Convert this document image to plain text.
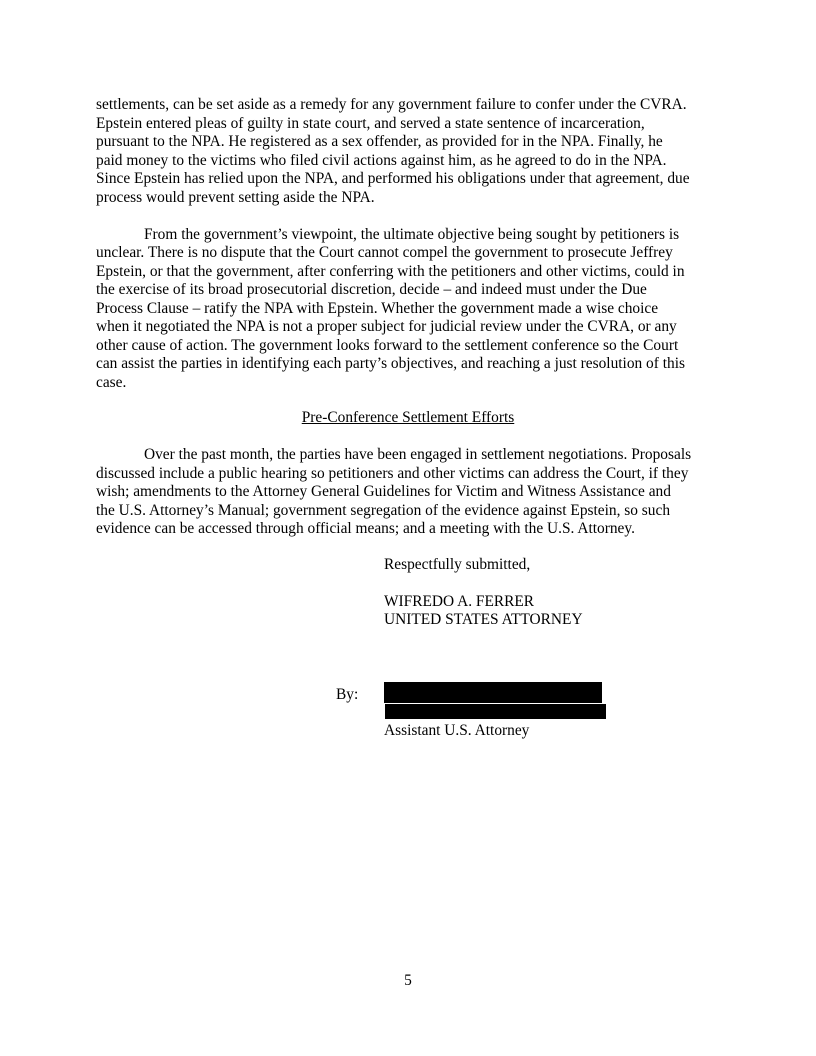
settlements, can be set aside as a remedy for any government failure to confer under the CVRA.
Epstein entered pleas of guilty in state court, and served a state sentence of incarceration,
pursuant to the NPA. He registered as a sex offender, as provided for in the NPA. Finally, he
paid money to the victims who filed civil actions against him, as he agreed to do in the NPA.
Since Epstein has relied upon the NPA, and performed his obligations under that agreement, due
process would prevent setting aside the NPA.
From the government’s viewpoint, the ultimate objective being sought by petitioners is
unclear. There is no dispute that the Court cannot compel the government to prosecute Jeffrey
Epstein, or that the government, after conferring with the petitioners and other victims, could in
the exercise of its broad prosecutorial discretion, decide – and indeed must under the Due
Process Clause – ratify the NPA with Epstein. Whether the government made a wise choice
when it negotiated the NPA is not a proper subject for judicial review under the CVRA, or any
other cause of action. The government looks forward to the settlement conference so the Court
can assist the parties in identifying each party’s objectives, and reaching a just resolution of this
case.
Pre-Conference Settlement Efforts
Over the past month, the parties have been engaged in settlement negotiations. Proposals
discussed include a public hearing so petitioners and other victims can address the Court, if they
wish; amendments to the Attorney General Guidelines for Victim and Witness Assistance and
the U.S. Attorney’s Manual; government segregation of the evidence against Epstein, so such
evidence can be accessed through official means; and a meeting with the U.S. Attorney.
Respectfully submitted,
WIFREDO A. FERRER
UNITED STATES ATTORNEY
By:
Assistant U.S. Attorney
5
